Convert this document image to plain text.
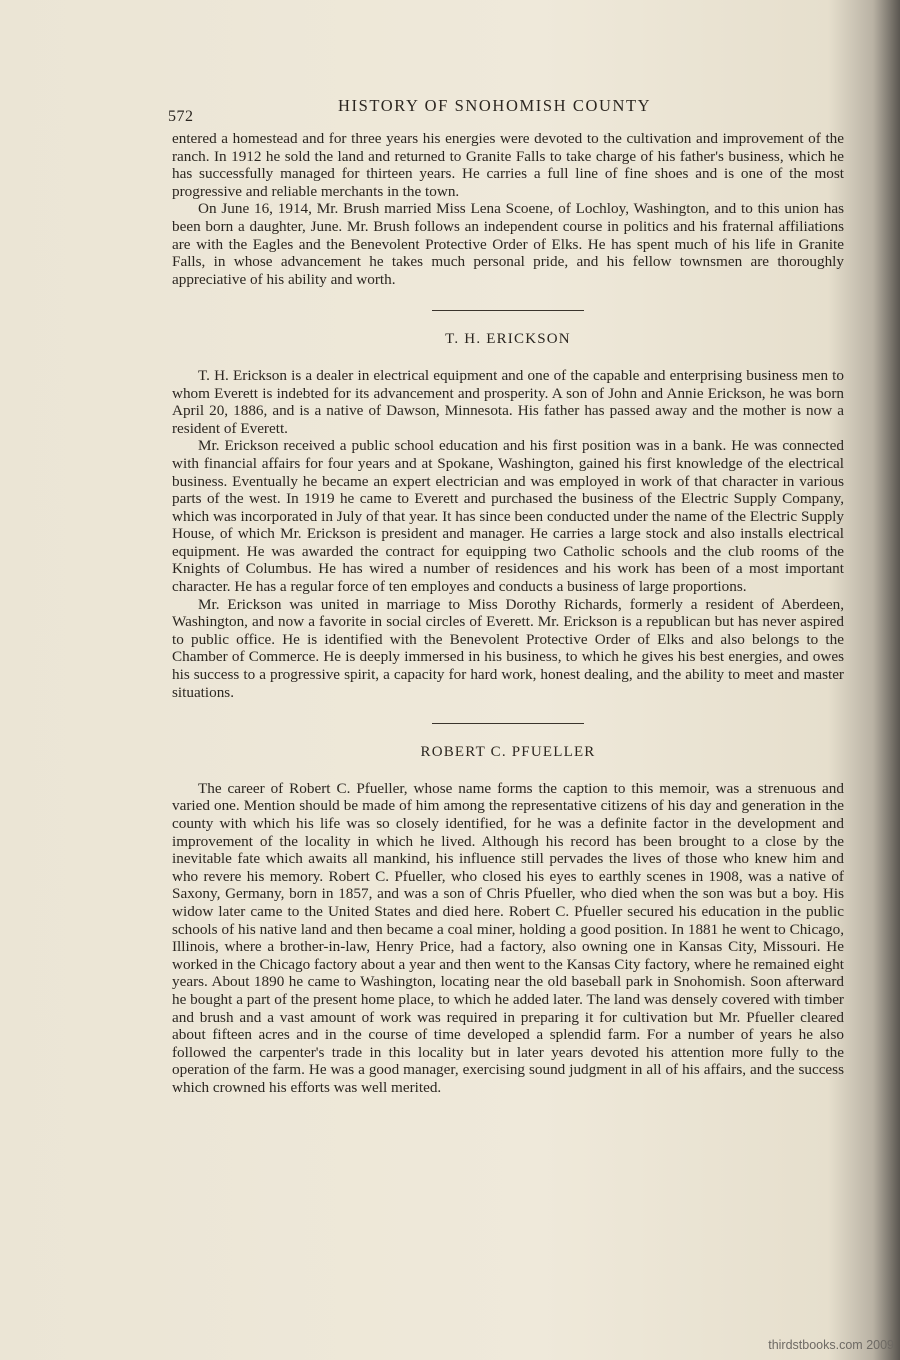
572
HISTORY OF SNOHOMISH COUNTY

entered a homestead and for three years his energies were devoted to the cultivation and improvement of the ranch. In 1912 he sold the land and returned to Granite Falls to take charge of his father's business, which he has successfully managed for thirteen years. He carries a full line of fine shoes and is one of the most progressive and reliable merchants in the town.

On June 16, 1914, Mr. Brush married Miss Lena Scoene, of Lochloy, Washington, and to this union has been born a daughter, June. Mr. Brush follows an independent course in politics and his fraternal affiliations are with the Eagles and the Benevolent Protective Order of Elks. He has spent much of his life in Granite Falls, in whose advancement he takes much personal pride, and his fellow townsmen are thoroughly appreciative of his ability and worth.

T. H. ERICKSON

T. H. Erickson is a dealer in electrical equipment and one of the capable and enterprising business men to whom Everett is indebted for its advancement and prosperity. A son of John and Annie Erickson, he was born April 20, 1886, and is a native of Dawson, Minnesota. His father has passed away and the mother is now a resident of Everett.

Mr. Erickson received a public school education and his first position was in a bank. He was connected with financial affairs for four years and at Spokane, Washington, gained his first knowledge of the electrical business. Eventually he became an expert electrician and was employed in work of that character in various parts of the west. In 1919 he came to Everett and purchased the business of the Electric Supply Company, which was incorporated in July of that year. It has since been conducted under the name of the Electric Supply House, of which Mr. Erickson is president and manager. He carries a large stock and also installs electrical equipment. He was awarded the contract for equipping two Catholic schools and the club rooms of the Knights of Columbus. He has wired a number of residences and his work has been of a most important character. He has a regular force of ten employes and conducts a business of large proportions.

Mr. Erickson was united in marriage to Miss Dorothy Richards, formerly a resident of Aberdeen, Washington, and now a favorite in social circles of Everett. Mr. Erickson is a republican but has never aspired to public office. He is identified with the Benevolent Protective Order of Elks and also belongs to the Chamber of Commerce. He is deeply immersed in his business, to which he gives his best energies, and owes his success to a progressive spirit, a capacity for hard work, honest dealing, and the ability to meet and master situations.

ROBERT C. PFUELLER

The career of Robert C. Pfueller, whose name forms the caption to this memoir, was a strenuous and varied one. Mention should be made of him among the representative citizens of his day and generation in the county with which his life was so closely identified, for he was a definite factor in the development and improvement of the locality in which he lived. Although his record has been brought to a close by the inevitable fate which awaits all mankind, his influence still pervades the lives of those who knew him and who revere his memory. Robert C. Pfueller, who closed his eyes to earthly scenes in 1908, was a native of Saxony, Germany, born in 1857, and was a son of Chris Pfueller, who died when the son was but a boy. His widow later came to the United States and died here. Robert C. Pfueller secured his education in the public schools of his native land and then became a coal miner, holding a good position. In 1881 he went to Chicago, Illinois, where a brother-in-law, Henry Price, had a factory, also owning one in Kansas City, Missouri. He worked in the Chicago factory about a year and then went to the Kansas City factory, where he remained eight years. About 1890 he came to Washington, locating near the old baseball park in Snohomish. Soon afterward he bought a part of the present home place, to which he added later. The land was densely covered with timber and brush and a vast amount of work was required in preparing it for cultivation but Mr. Pfueller cleared about fifteen acres and in the course of time developed a splendid farm. For a number of years he also followed the carpenter's trade in this locality but in later years devoted his attention more fully to the operation of the farm. He was a good manager, exercising sound judgment in all of his affairs, and the success which crowned his efforts was well merited.

thirdstbooks.com 2009
